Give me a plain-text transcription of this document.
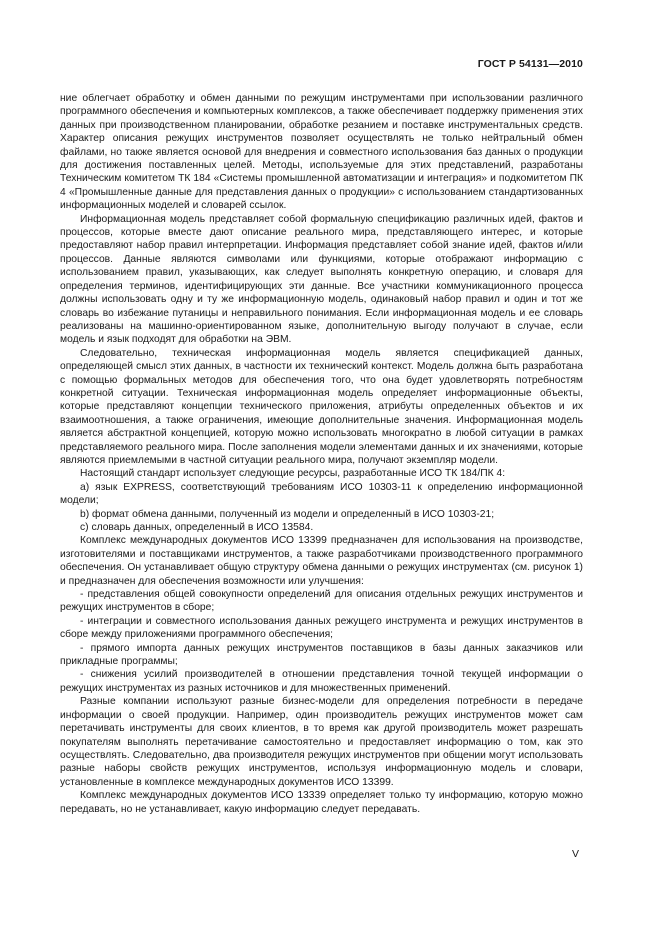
ГОСТ Р 54131—2010

ние облегчает обработку и обмен данными по режущим инструментами при использовании различного программного обеспечения и компьютерных комплексов, а также обеспечивает поддержку применения этих данных при производственном планировании, обработке резанием и поставке инструментальных средств. Характер описания режущих инструментов позволяет осуществлять не только нейтральный обмен файлами, но также является основой для внедрения и совместного использования баз данных о продукции для достижения поставленных целей. Методы, используемые для этих представлений, разработаны Техническим комитетом ТК 184 «Системы промышленной автоматизации и интеграция» и подкомитетом ПК 4 «Промышленные данные для представления данных о продукции» с использованием стандартизованных информационных моделей и словарей ссылок.

Информационная модель представляет собой формальную спецификацию различных идей, фактов и процессов, которые вместе дают описание реального мира, представляющего интерес, и которые предоставляют набор правил интерпретации. Информация представляет собой знание идей, фактов и/или процессов. Данные являются символами или функциями, которые отображают информацию с использованием правил, указывающих, как следует выполнять конкретную операцию, и словаря для определения терминов, идентифицирующих эти данные. Все участники коммуникационного процесса должны использовать одну и ту же информационную модель, одинаковый набор правил и один и тот же словарь во избежание путаницы и неправильного понимания. Если информационная модель и ее словарь реализованы на машинно-ориентированном языке, дополнительную выгоду получают в случае, если модель и язык подходят для обработки на ЭВМ.

Следовательно, техническая информационная модель является спецификацией данных, определяющей смысл этих данных, в частности их технический контекст. Модель должна быть разработана с помощью формальных методов для обеспечения того, что она будет удовлетворять потребностям конкретной ситуации. Техническая информационная модель определяет информационные объекты, которые представляют концепции технического приложения, атрибуты определенных объектов и их взаимоотношения, а также ограничения, имеющие дополнительные значения. Информационная модель является абстрактной концепцией, которую можно использовать многократно в любой ситуации в рамках представляемого реального мира. После заполнения модели элементами данных и их значениями, которые являются приемлемыми в частной ситуации реального мира, получают экземпляр модели.

Настоящий стандарт использует следующие ресурсы, разработанные ИСО ТК 184/ПК 4:

а) язык EXPRESS, соответствующий требованиям ИСО 10303-11 к определению информационной модели;

b) формат обмена данными, полученный из модели и определенный в ИСО 10303-21;

с) словарь данных, определенный в ИСО 13584.

Комплекс международных документов ИСО 13399 предназначен для использования на производстве, изготовителями и поставщиками инструментов, а также разработчиками производственного программного обеспечения. Он устанавливает общую структуру обмена данными о режущих инструментах (см. рисунок 1) и предназначен для обеспечения возможности или улучшения:

- представления общей совокупности определений для описания отдельных режущих инструментов и режущих инструментов в сборе;

- интеграции и совместного использования данных режущего инструмента и режущих инструментов в сборе между приложениями программного обеспечения;

- прямого импорта данных режущих инструментов поставщиков в базы данных заказчиков или прикладные программы;

- снижения усилий производителей в отношении представления точной текущей информации о режущих инструментах из разных источников и для множественных применений.

Разные компании используют разные бизнес-модели для определения потребности в передаче информации о своей продукции. Например, один производитель режущих инструментов может сам перетачивать инструменты для своих клиентов, в то время как другой производитель может разрешать покупателям выполнять перетачивание самостоятельно и предоставляет информацию о том, как это осуществлять. Следовательно, два производителя режущих инструментов при общении могут использовать разные наборы свойств режущих инструментов, используя информационную модель и словари, установленные в комплексе международных документов ИСО 13399.

Комплекс международных документов ИСО 13339 определяет только ту информацию, которую можно передавать, но не устанавливает, какую информацию следует передавать.

V
